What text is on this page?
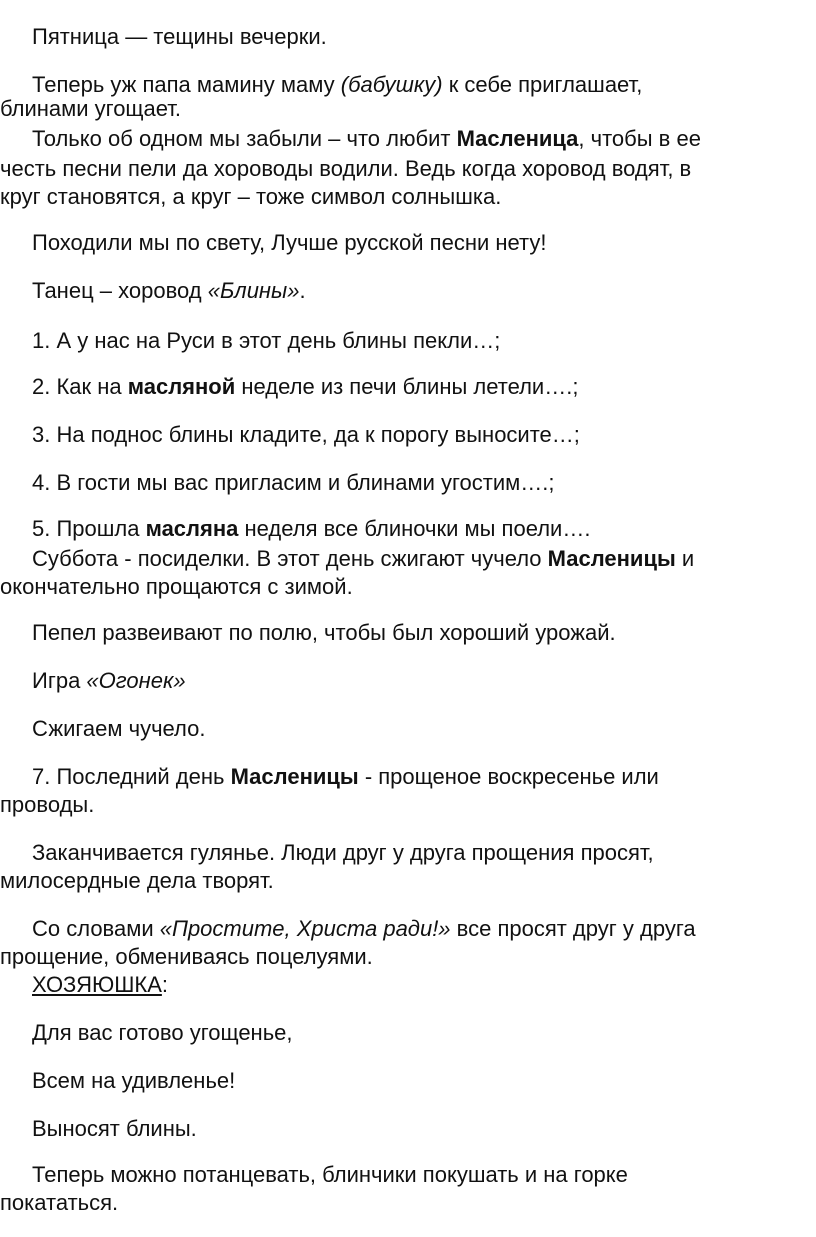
Пятница — тещины вечерки.
Теперь уж папа мамину маму (бабушку) к себе приглашает,
блинами угощает.
Только об одном мы забыли – что любит Масленица, чтобы в ее
честь песни пели да хороводы водили. Ведь когда хоровод водят, в
круг становятся, а круг – тоже символ солнышка.
Походили мы по свету, Лучше русской песни нету!
Танец – хоровод «Блины».
1. А у нас на Руси в этот день блины пекли…;
2. Как на масляной неделе из печи блины летели….;
3. На поднос блины кладите, да к порогу выносите…;
4. В гости мы вас пригласим и блинами угостим….;
5. Прошла масляна неделя все блиночки мы поели….
Суббота - посиделки. В этот день сжигают чучело Масленицы и
окончательно прощаются с зимой.
Пепел развеивают по полю, чтобы был хороший урожай.
Игра «Огонек»
Сжигаем чучело.
7. Последний день Масленицы - прощеное воскресенье или
проводы.
Заканчивается гулянье. Люди друг у друга прощения просят,
милосердные дела творят.
Со словами «Простите, Христа ради!» все просят друг у друга
прощение, обмениваясь поцелуями.
ХОЗЯЮШКА:
Для вас готово угощенье,
Всем на удивленье!
Выносят блины.
Теперь можно потанцевать, блинчики покушать и на горке
покататься.
